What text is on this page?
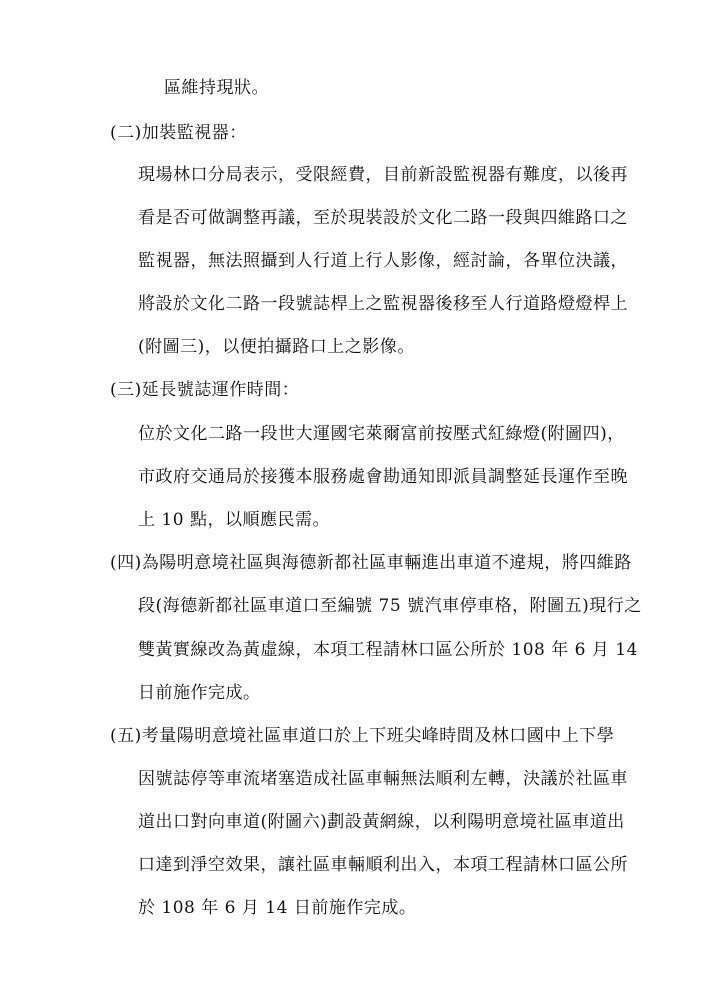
區維持現狀。
(二)加裝監視器：
現場林口分局表示，受限經費，目前新設監視器有難度，以後再
看是否可做調整再議，至於現裝設於文化二路一段與四維路口之
監視器，無法照攝到人行道上行人影像，經討論，各單位決議，
將設於文化二路一段號誌桿上之監視器後移至人行道路燈燈桿上
(附圖三)，以便拍攝路口上之影像。
(三)延長號誌運作時間：
位於文化二路一段世大運國宅萊爾富前按壓式紅綠燈(附圖四)，
市政府交通局於接獲本服務處會勘通知即派員調整延長運作至晚
上 10 點，以順應民需。
(四)為陽明意境社區與海德新都社區車輛進出車道不違規，將四維路
段(海德新都社區車道口至編號 75 號汽車停車格，附圖五)現行之
雙黃實線改為黃虛線，本項工程請林口區公所於 108 年 6 月 14
日前施作完成。
(五)考量陽明意境社區車道口於上下班尖峰時間及林口國中上下學
因號誌停等車流堵塞造成社區車輛無法順利左轉，決議於社區車
道出口對向車道(附圖六)劃設黃網線，以利陽明意境社區車道出
口達到淨空效果，讓社區車輛順利出入，本項工程請林口區公所
於 108 年 6 月 14 日前施作完成。
